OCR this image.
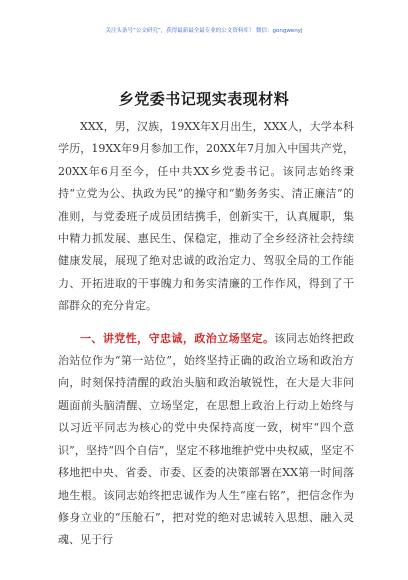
关注头条号“公文研究”，获得最新最全最专业的公文资料库！ 微信：gongwenyj
乡党委书记现实表现材料

XXX，男，汉族，19XX年X月出生，XXX人，大学本科学历，19XX年9月参加工作，20XX年7月加入中国共产党，20XX年6月至今，任中共XX乡党委书记。该同志始终秉持“立党为公、执政为民”的操守和“勤务务实、清正廉洁”的准则，与党委班子成员团结携手，创新实干，认真履职，集中精力抓发展、惠民生、保稳定，推动了全乡经济社会持续健康发展，展现了绝对忠诚的政治定力、驾驭全局的工作能力、开拓进取的干事魄力和务实清廉的工作作风，得到了干部群众的充分肯定。

一、讲党性，守忠诚，政治立场坚定。该同志始终把政治站位作为“第一站位”，始终坚持正确的政治立场和政治方向，时刻保持清醒的政治头脑和政治敏锐性，在大是大非问题面前头脑清醒、立场坚定，在思想上政治上行动上始终与以习近平同志为核心的党中央保持高度一致，树牢“四个意识”，坚持“四个自信”，坚定不移地维护党中央权威，坚定不移地把中央、省委、市委、区委的决策部署在XX第一时间落地生根。该同志始终把忠诚作为人生“座右铭”，把信念作为修身立业的“压舱石”，把对党的绝对忠诚转入思想、融入灵魂、见于行
